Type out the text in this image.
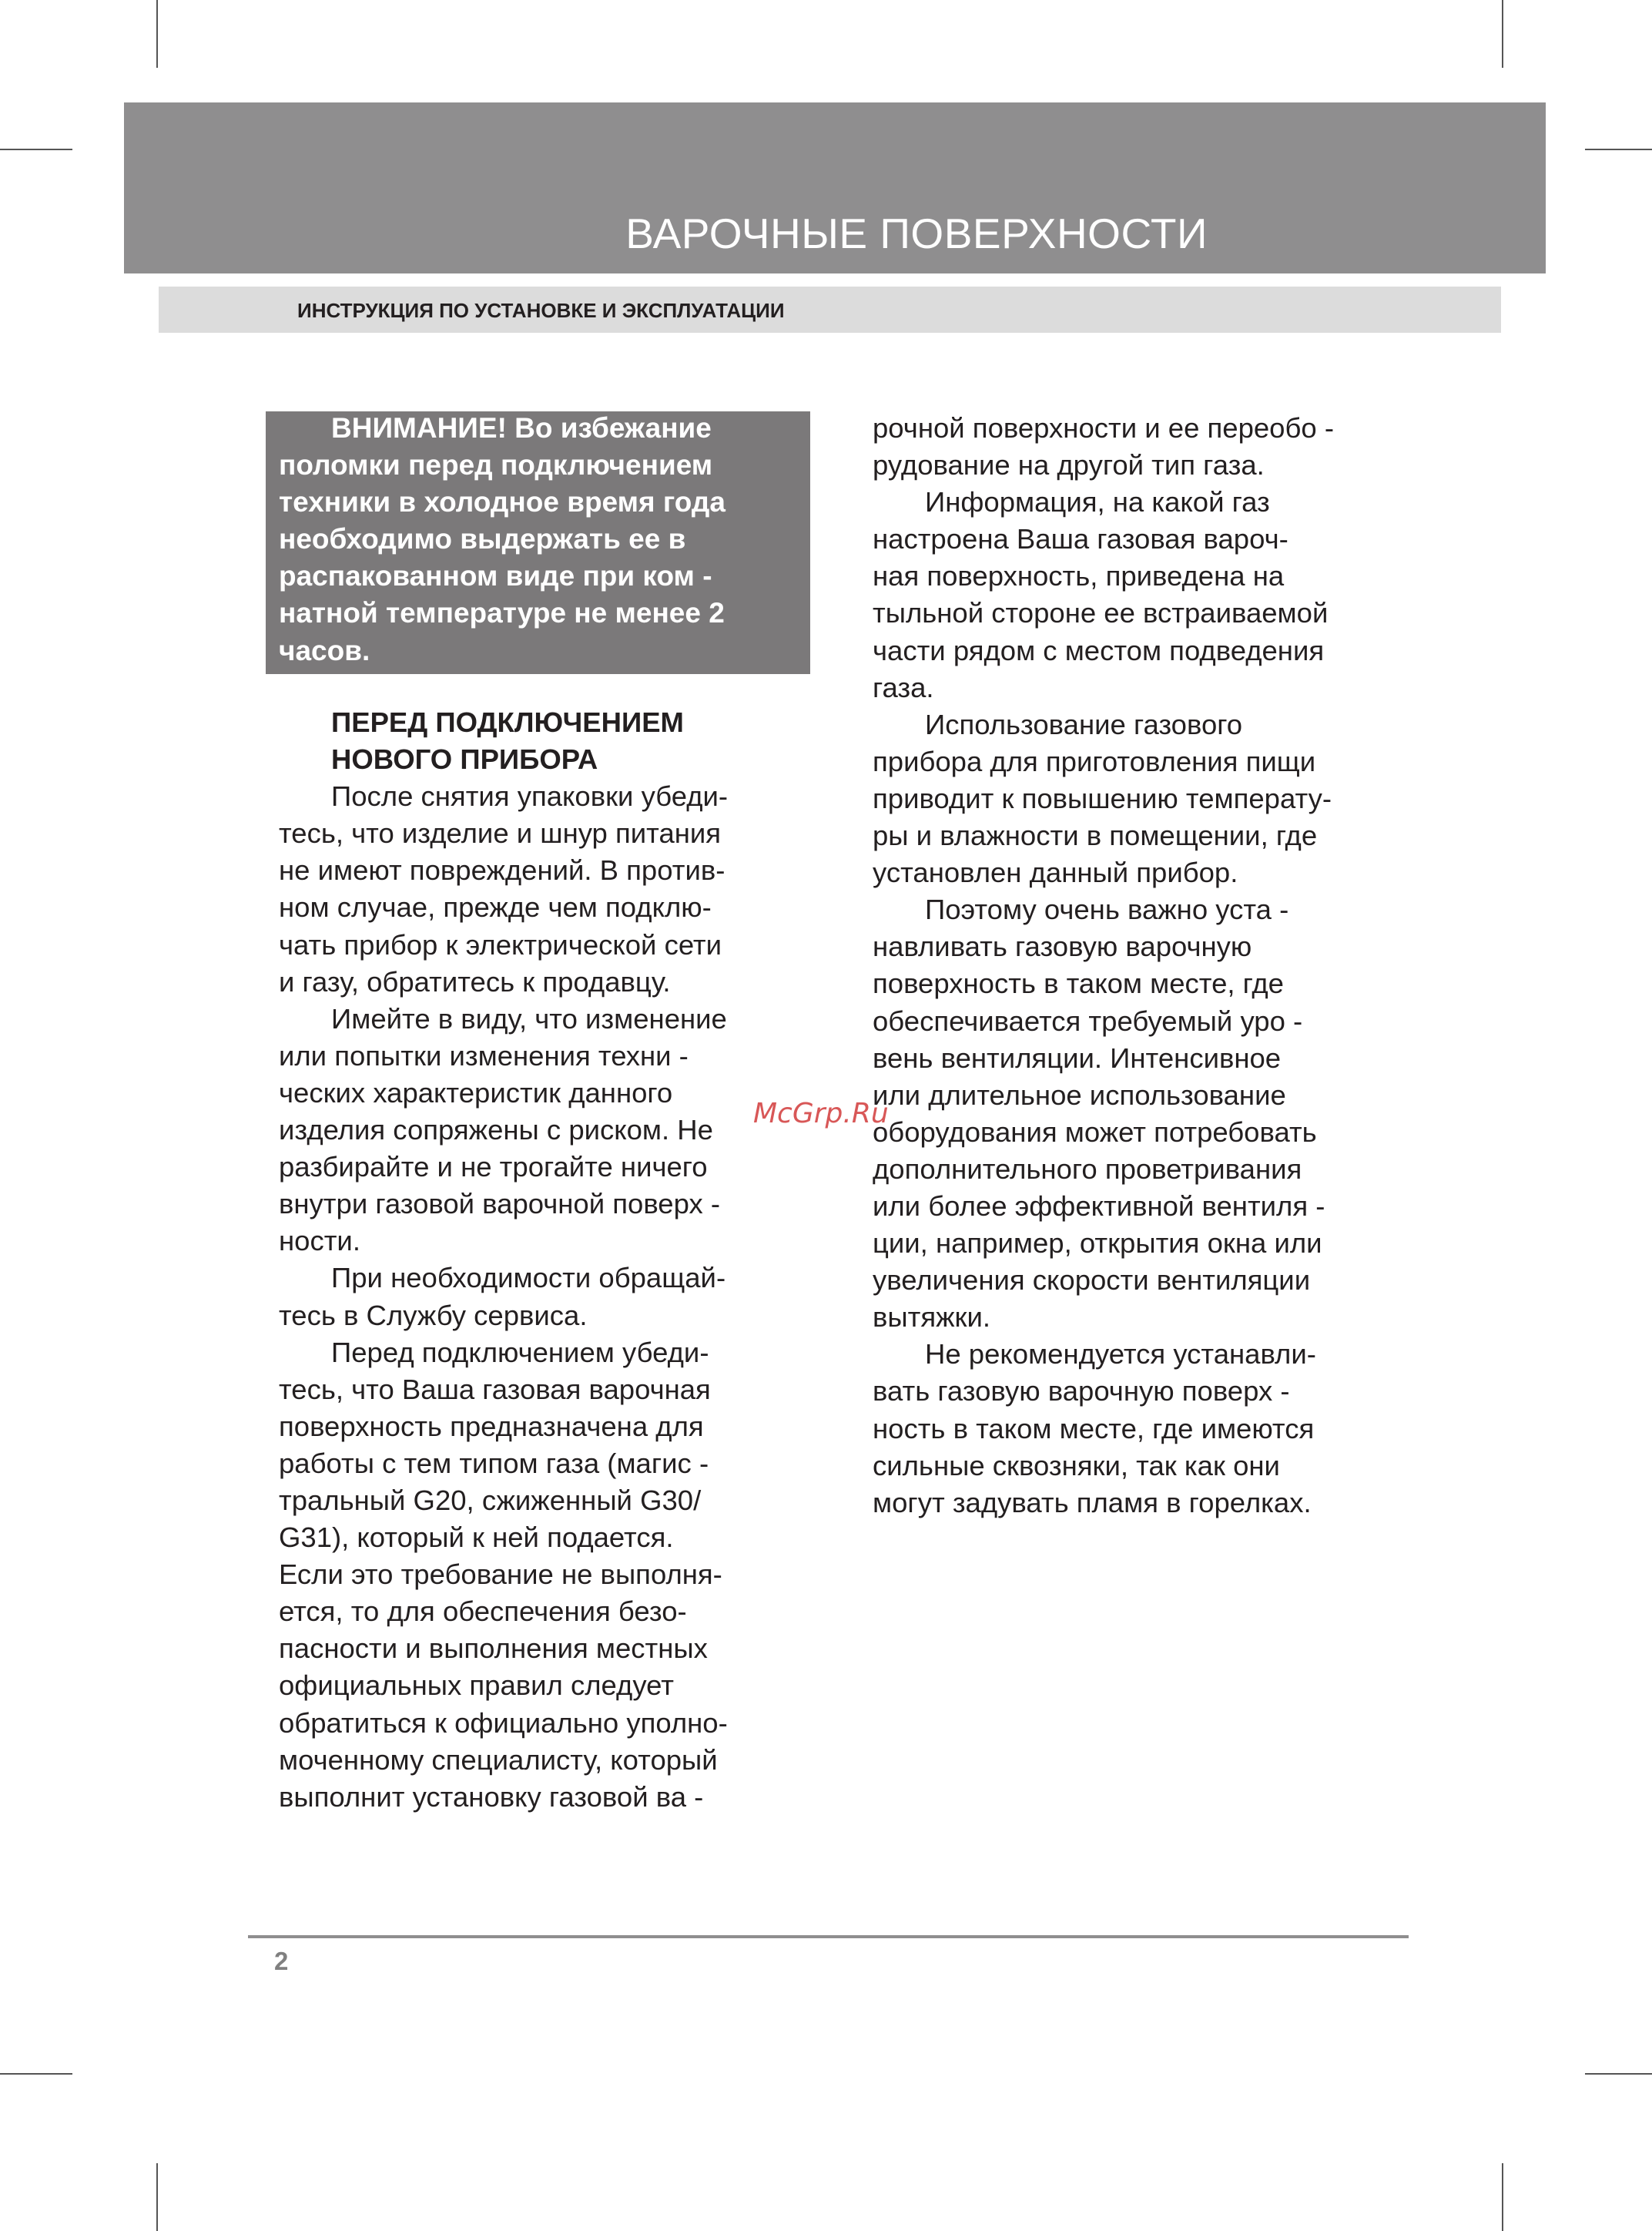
ВАРОЧНЫЕ ПОВЕРХНОСТИ
ИНСТРУКЦИЯ ПО УСТАНОВКЕ И ЭКСПЛУАТАЦИИ
ВНИМАНИЕ! Во избежание
поломки перед подключением
техники в холодное время года
необходимо выдержать ее в
распакованном виде при ком -
натной температуре не менее 2
часов.
ПЕРЕД ПОДКЛЮЧЕНИЕМ
НОВОГО ПРИБОРА
После снятия упаковки убеди-
тесь, что изделие и шнур питания
не имеют повреждений. В против-
ном случае, прежде чем подклю-
чать прибор к электрической сети
и газу, обратитесь к продавцу.
Имейте в виду, что изменение
или попытки изменения техни -
ческих характеристик данного
изделия сопряжены с риском. Не
разбирайте и не трогайте ничего
внутри газовой варочной поверх -
ности.
При необходимости обращай-
тесь в Службу сервиса.
Перед подключением убеди-
тесь, что Ваша газовая варочная
поверхность предназначена для
работы с тем типом газа (магис -
тральный G20, сжиженный G30/
G31), который к ней подается.
Если это требование не выполня-
ется, то для обеспечения безо-
пасности и выполнения местных
официальных правил следует
обратиться к официально уполно-
моченному специалисту, который
выполнит установку газовой ва -
рочной поверхности и ее переобо -
рудование на другой тип газа.
Информация, на какой газ
настроена Ваша газовая вароч-
ная поверхность, приведена на
тыльной стороне ее встраиваемой
части рядом с местом подведения
газа.
Использование газового
прибора для приготовления пищи
приводит к повышению температу-
ры и влажности в помещении, где
установлен данный прибор.
Поэтому очень важно уста -
навливать газовую варочную
поверхность в таком месте, где
обеспечивается требуемый уро -
вень вентиляции. Интенсивное
или длительное использование
оборудования может потребовать
дополнительного проветривания
или более эффективной вентиля -
ции, например, открытия окна или
увеличения скорости вентиляции
вытяжки.
Не рекомендуется устанавли-
вать газовую варочную поверх -
ность в таком месте, где имеются
сильные сквозняки, так как они
могут задувать пламя в горелках.
McGrp.Ru
2
